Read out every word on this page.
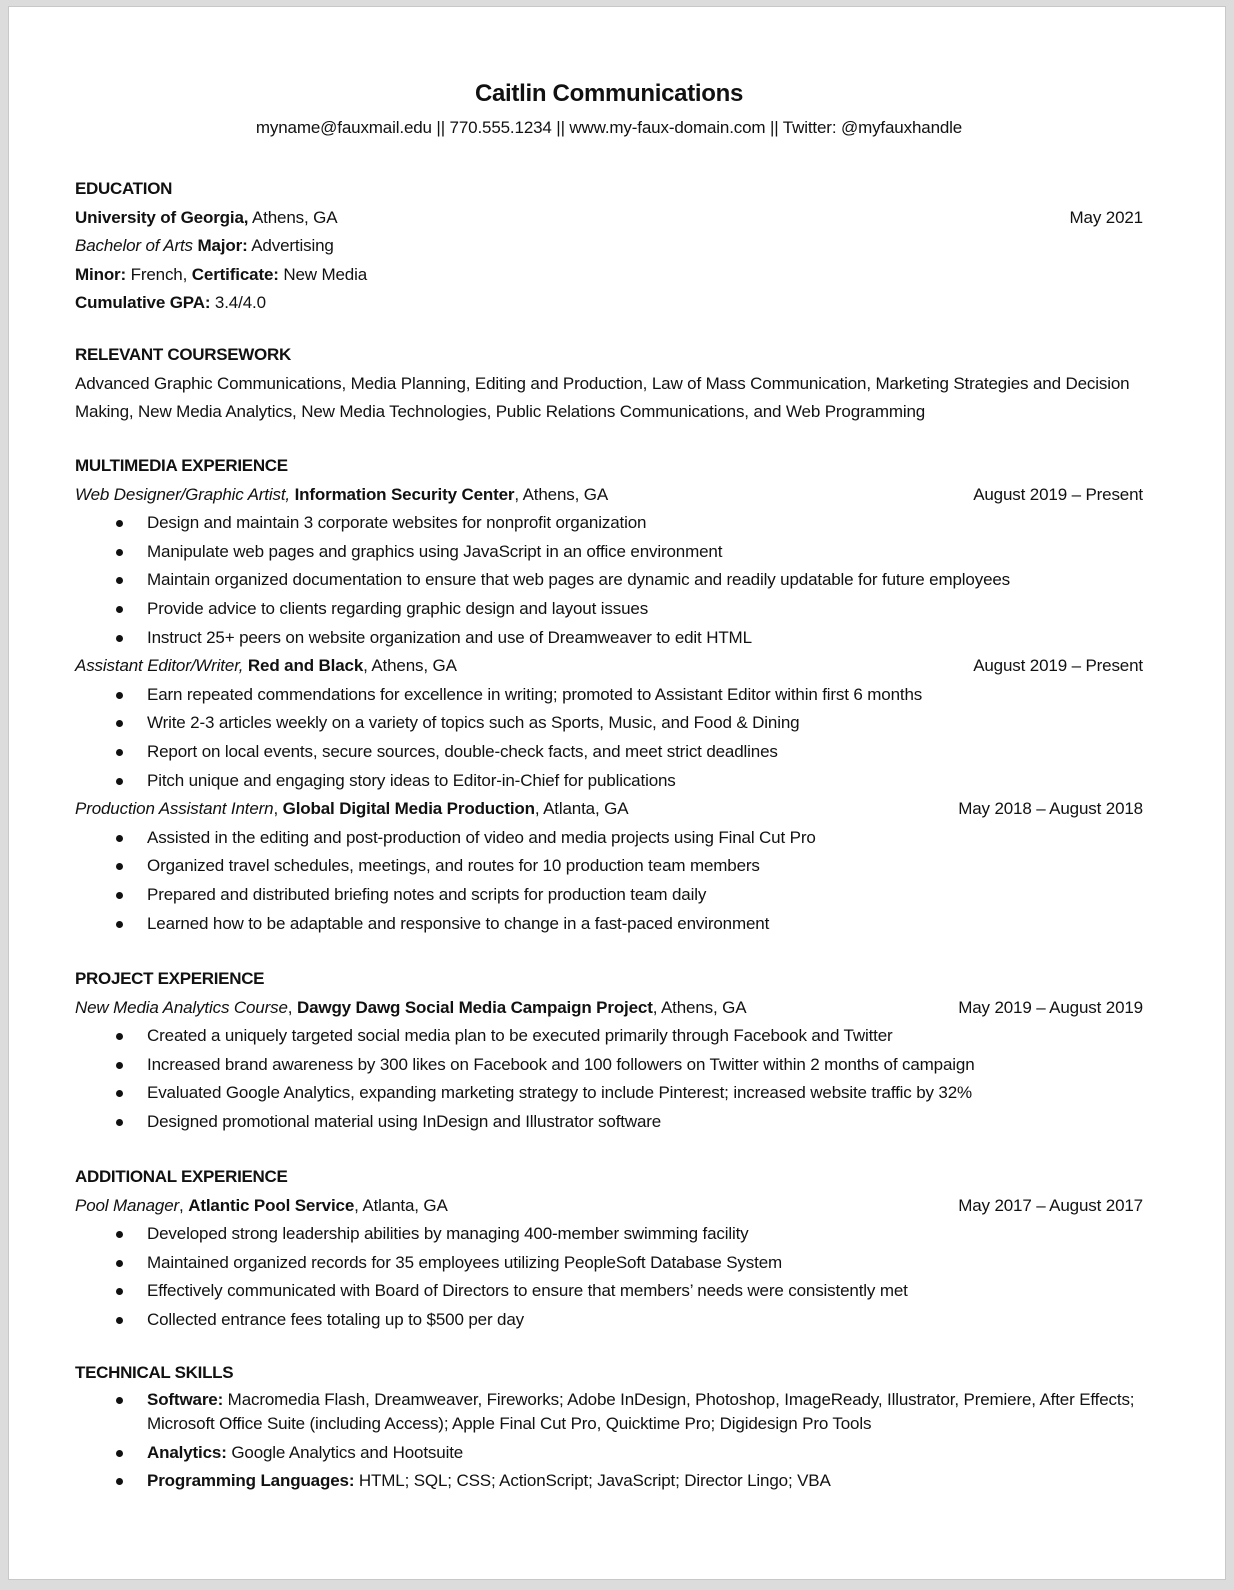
Caitlin Communications
myname@fauxmail.edu || 770.555.1234 || www.my-faux-domain.com || Twitter: @myfauxhandle
EDUCATION
University of Georgia, Athens, GA	May 2021
Bachelor of Arts Major: Advertising
Minor: French, Certificate: New Media
Cumulative GPA: 3.4/4.0
RELEVANT COURSEWORK
Advanced Graphic Communications, Media Planning, Editing and Production, Law of Mass Communication, Marketing Strategies and Decision Making, New Media Analytics, New Media Technologies, Public Relations Communications, and Web Programming
MULTIMEDIA EXPERIENCE
Web Designer/Graphic Artist, Information Security Center, Athens, GA	August 2019 – Present
Design and maintain 3 corporate websites for nonprofit organization
Manipulate web pages and graphics using JavaScript in an office environment
Maintain organized documentation to ensure that web pages are dynamic and readily updatable for future employees
Provide advice to clients regarding graphic design and layout issues
Instruct 25+ peers on website organization and use of Dreamweaver to edit HTML
Assistant Editor/Writer, Red and Black, Athens, GA	August 2019 – Present
Earn repeated commendations for excellence in writing; promoted to Assistant Editor within first 6 months
Write 2-3 articles weekly on a variety of topics such as Sports, Music, and Food & Dining
Report on local events, secure sources, double-check facts, and meet strict deadlines
Pitch unique and engaging story ideas to Editor-in-Chief for publications
Production Assistant Intern, Global Digital Media Production, Atlanta, GA	May 2018 – August 2018
Assisted in the editing and post-production of video and media projects using Final Cut Pro
Organized travel schedules, meetings, and routes for 10 production team members
Prepared and distributed briefing notes and scripts for production team daily
Learned how to be adaptable and responsive to change in a fast-paced environment
PROJECT EXPERIENCE
New Media Analytics Course, Dawgy Dawg Social Media Campaign Project, Athens, GA	May 2019 – August 2019
Created a uniquely targeted social media plan to be executed primarily through Facebook and Twitter
Increased brand awareness by 300 likes on Facebook and 100 followers on Twitter within 2 months of campaign
Evaluated Google Analytics, expanding marketing strategy to include Pinterest; increased website traffic by 32%
Designed promotional material using InDesign and Illustrator software
ADDITIONAL EXPERIENCE
Pool Manager, Atlantic Pool Service, Atlanta, GA	May 2017 – August 2017
Developed strong leadership abilities by managing 400-member swimming facility
Maintained organized records for 35 employees utilizing PeopleSoft Database System
Effectively communicated with Board of Directors to ensure that members’ needs were consistently met
Collected entrance fees totaling up to $500 per day
TECHNICAL SKILLS
Software: Macromedia Flash, Dreamweaver, Fireworks; Adobe InDesign, Photoshop, ImageReady, Illustrator, Premiere, After Effects; Microsoft Office Suite (including Access); Apple Final Cut Pro, Quicktime Pro; Digidesign Pro Tools
Analytics: Google Analytics and Hootsuite
Programming Languages: HTML; SQL; CSS; ActionScript; JavaScript; Director Lingo; VBA
